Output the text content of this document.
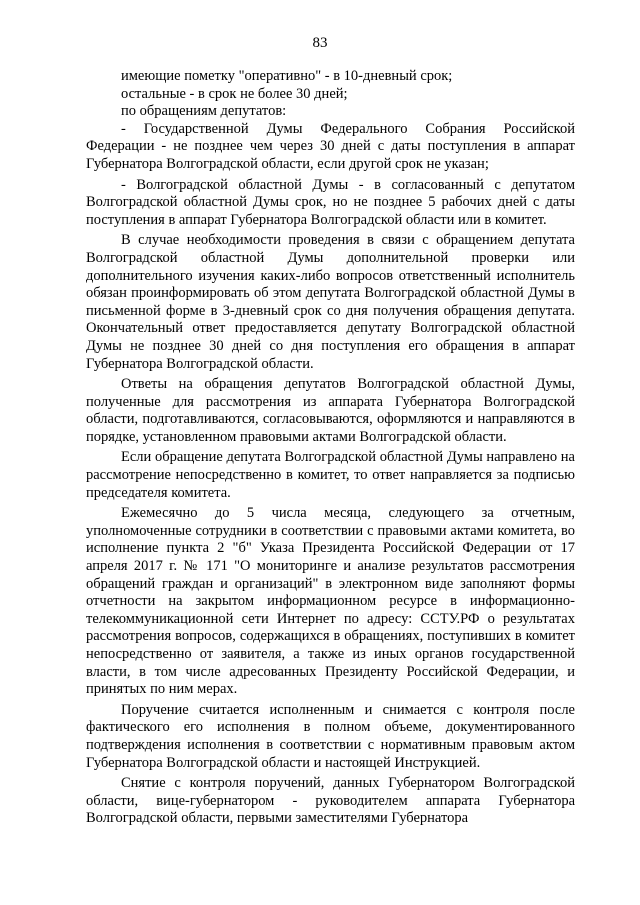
83

имеющие пометку "оперативно" - в 10-дневный срок;

остальные - в срок не более 30 дней;

по обращениям депутатов:

- Государственной Думы Федерального Собрания Российской Федерации - не позднее чем через 30 дней с даты поступления в аппарат Губернатора Волгоградской области, если другой срок не указан;

- Волгоградской областной Думы - в согласованный с депутатом Волгоградской областной Думы срок, но не позднее 5 рабочих дней с даты поступления в аппарат Губернатора Волгоградской области или в комитет.

В случае необходимости проведения в связи с обращением депутата Волгоградской областной Думы дополнительной проверки или дополнительного изучения каких-либо вопросов ответственный исполнитель обязан проинформировать об этом депутата Волгоградской областной Думы в письменной форме в 3-дневный срок со дня получения обращения депутата. Окончательный ответ предоставляется депутату Волгоградской областной Думы не позднее 30 дней со дня поступления его обращения в аппарат Губернатора Волгоградской области.

Ответы на обращения депутатов Волгоградской областной Думы, полученные для рассмотрения из аппарата Губернатора Волгоградской области, подготавливаются, согласовываются, оформляются и направляются в порядке, установленном правовыми актами Волгоградской области.

Если обращение депутата Волгоградской областной Думы направлено на рассмотрение непосредственно в комитет, то ответ направляется за подписью председателя комитета.

Ежемесячно до 5 числа месяца, следующего за отчетным, уполномоченные сотрудники в соответствии с правовыми актами комитета, во исполнение пункта 2 "б" Указа Президента Российской Федерации от 17 апреля 2017 г. № 171 "О мониторинге и анализе результатов рассмотрения обращений граждан и организаций" в электронном виде заполняют формы отчетности на закрытом информационном ресурсе в информационно-телекоммуникационной сети Интернет по адресу: ССТУ.РФ о результатах рассмотрения вопросов, содержащихся в обращениях, поступивших в комитет непосредственно от заявителя, а также из иных органов государственной власти, в том числе адресованных Президенту Российской Федерации, и принятых по ним мерах.

Поручение считается исполненным и снимается с контроля после фактического его исполнения в полном объеме, документированного подтверждения исполнения в соответствии с нормативным правовым актом Губернатора Волгоградской области и настоящей Инструкцией.

Снятие с контроля поручений, данных Губернатором Волгоградской области, вице-губернатором - руководителем аппарата Губернатора Волгоградской области, первыми заместителями Губернатора
